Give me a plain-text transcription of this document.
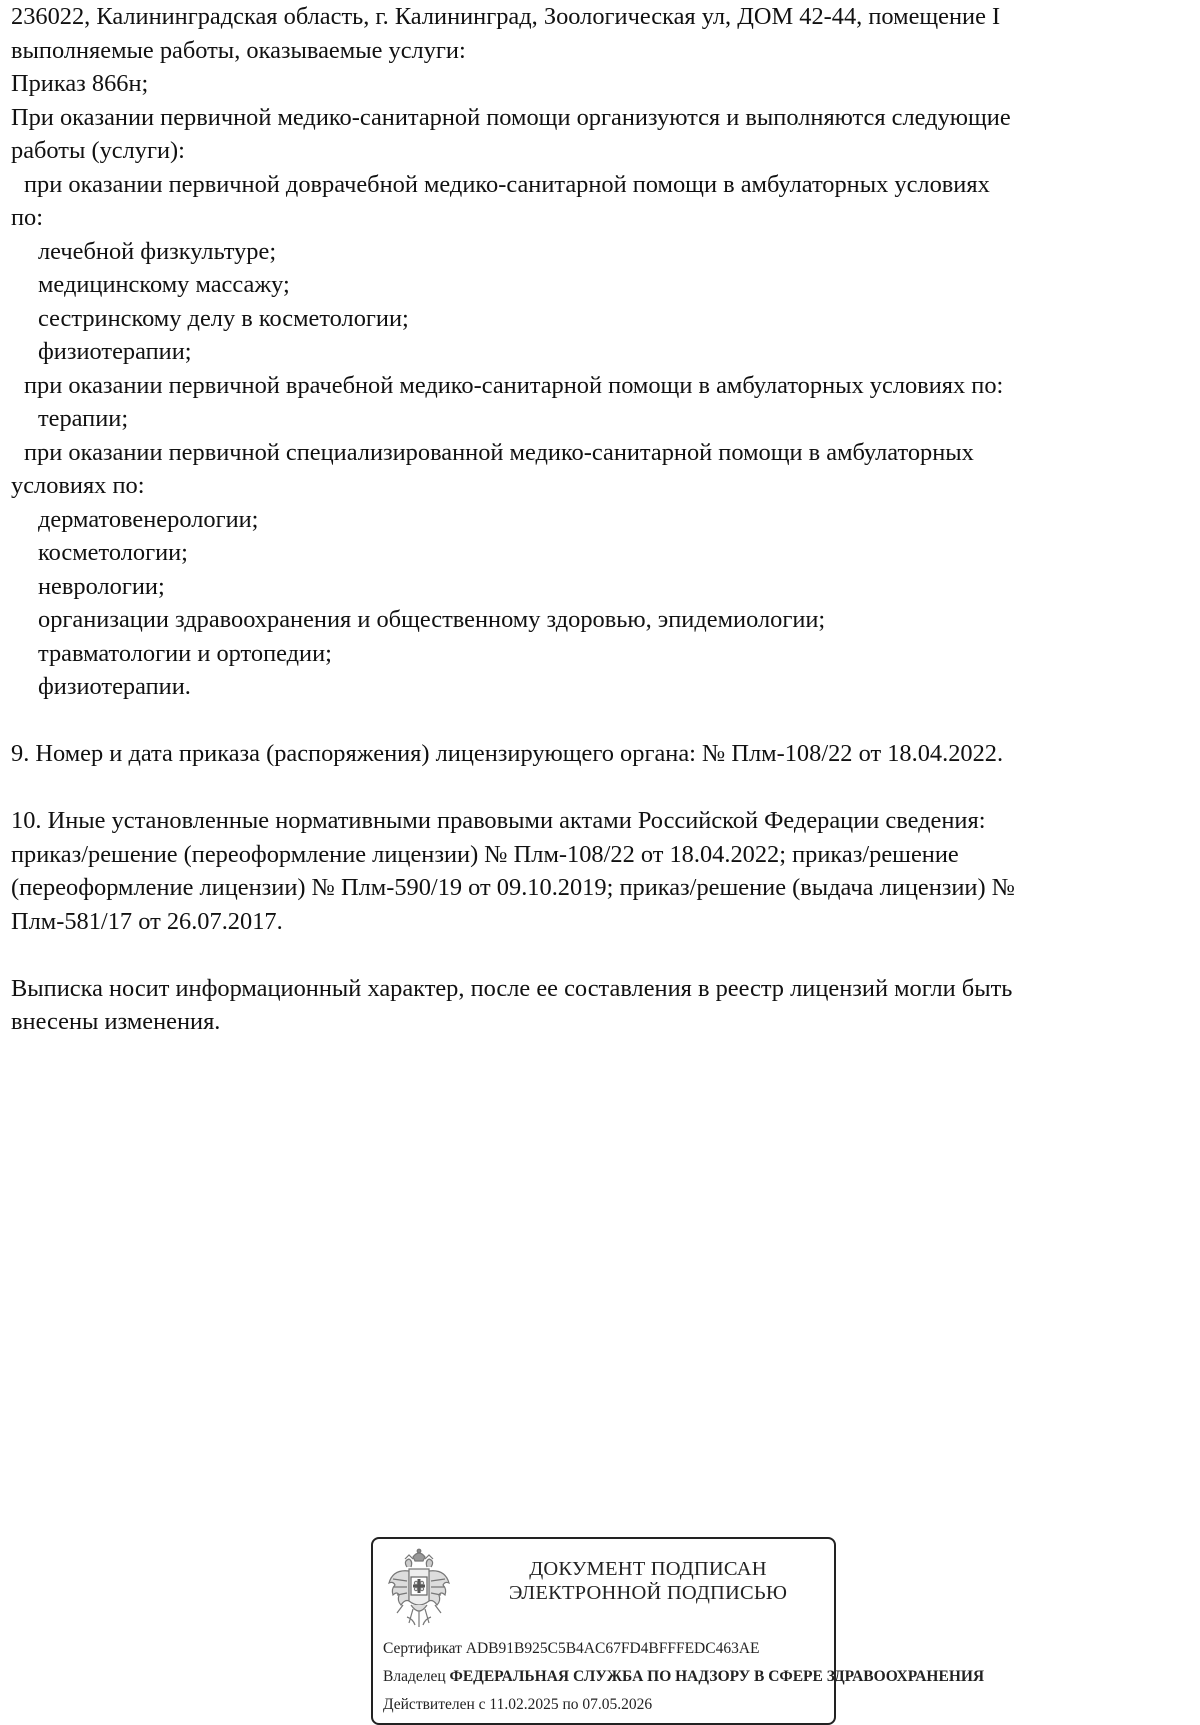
236022, Калининградская область, г. Калининград, Зоологическая ул, ДОМ 42-44, помещение I
выполняемые работы, оказываемые услуги:
Приказ 866н;
При оказании первичной медико-санитарной помощи организуются и выполняются следующие
работы (услуги):
при оказании первичной доврачебной медико-санитарной помощи в амбулаторных условиях
по:
лечебной физкультуре;
медицинскому массажу;
сестринскому делу в косметологии;
физиотерапии;
при оказании первичной врачебной медико-санитарной помощи в амбулаторных условиях по:
терапии;
при оказании первичной специализированной медико-санитарной помощи в амбулаторных
условиях по:
дерматовенерологии;
косметологии;
неврологии;
организации здравоохранения и общественному здоровью, эпидемиологии;
травматологии и ортопедии;
физиотерапии.
9. Номер и дата приказа (распоряжения) лицензирующего органа: № Плм-108/22 от 18.04.2022.
10. Иные установленные нормативными правовыми актами Российской Федерации сведения:
приказ/решение (переоформление лицензии) № Плм-108/22 от 18.04.2022; приказ/решение
(переоформление лицензии) № Плм-590/19 от 09.10.2019; приказ/решение (выдача лицензии) №
Плм-581/17 от 26.07.2017.
Выписка носит информационный характер, после ее составления в реестр лицензий могли быть
внесены изменения.
ДОКУМЕНТ ПОДПИСАН
ЭЛЕКТРОННОЙ ПОДПИСЬЮ
Сертификат ADB91B925C5B4AC67FD4BFFFEDC463AE
Владелец ФЕДЕРАЛЬНАЯ СЛУЖБА ПО НАДЗОРУ В СФЕРЕ ЗДРАВООХРАНЕНИЯ
Действителен с 11.02.2025 по 07.05.2026
